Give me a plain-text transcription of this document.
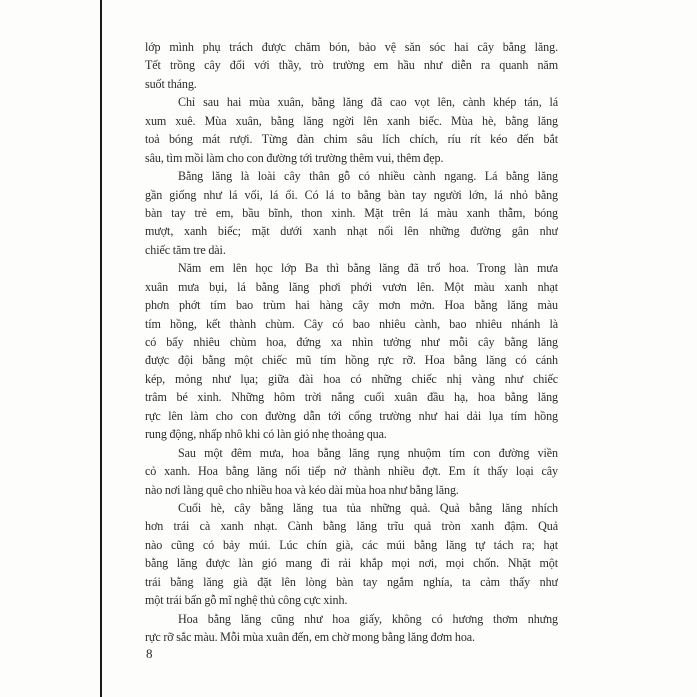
lớp mình phụ trách được chăm bón, bảo vệ săn sóc hai cây bằng lăng.
Tết trồng cây đối với thầy, trò trường em hầu như diễn ra quanh năm
suốt tháng.
Chỉ sau hai mùa xuân, bằng lăng đã cao vọt lên, cành khép tán, lá
xum xuê. Mùa xuân, bằng lăng ngời lên xanh biếc. Mùa hè, bằng lăng
toả bóng mát rượi. Từng đàn chim sâu lích chích, ríu rít kéo đến bắt
sâu, tìm mồi làm cho con đường tới trường thêm vui, thêm đẹp.
Bằng lăng là loài cây thân gỗ có nhiều cành ngang. Lá bằng lăng
gần giống như lá vối, lá ổi. Có lá to bằng bàn tay người lớn, lá nhỏ bằng
bàn tay trẻ em, bầu bĩnh, thon xinh. Mặt trên lá màu xanh thẫm, bóng
mượt, xanh biếc; mặt dưới xanh nhạt nổi lên những đường gân như
chiếc tăm tre dài.
Năm em lên học lớp Ba thì bằng lăng đã trổ hoa. Trong làn mưa
xuân mưa bụi, lá bằng lăng phơi phới vươn lên. Một màu xanh nhạt
phơn phớt tím bao trùm hai hàng cây mơn mởn. Hoa bằng lăng màu
tím hồng, kết thành chùm. Cây có bao nhiêu cành, bao nhiêu nhánh là
có bấy nhiêu chùm hoa, đứng xa nhìn tưởng như mỗi cây bằng lăng
được đội bằng một chiếc mũ tím hồng rực rỡ. Hoa bằng lăng có cánh
kép, mỏng như lụa; giữa đài hoa có những chiếc nhị vàng như chiếc
trâm bé xinh. Những hôm trời nắng cuối xuân đầu hạ, hoa bằng lăng
rực lên làm cho con đường dẫn tới cổng trường như hai dải lụa tím hồng
rung động, nhấp nhô khi có làn gió nhẹ thoảng qua.
Sau một đêm mưa, hoa bằng lăng rụng nhuộm tím con đường viền
cỏ xanh. Hoa bằng lăng nối tiếp nở thành nhiều đợt. Em ít thấy loại cây
nào nơi làng quê cho nhiều hoa và kéo dài mùa hoa như bằng lăng.
Cuối hè, cây bằng lăng tua tủa những quả. Quả bằng lăng nhích
hơn trái cà xanh nhạt. Cành bằng lăng trĩu quả tròn xanh đậm. Quả
nào cũng có bảy múi. Lúc chín già, các múi bằng lăng tự tách ra; hạt
bằng lăng được làn gió mang đi rải khắp mọi nơi, mọi chốn. Nhặt một
trái bằng lăng già đặt lên lòng bàn tay ngắm nghía, ta cảm thấy như
một trái bấn gỗ mĩ nghệ thủ công cực xinh.
Hoa bằng lăng cũng như hoa giấy, không có hương thơm nhưng
rực rỡ sắc màu. Mỗi mùa xuân đến, em chờ mong bằng lăng đơm hoa.
8
